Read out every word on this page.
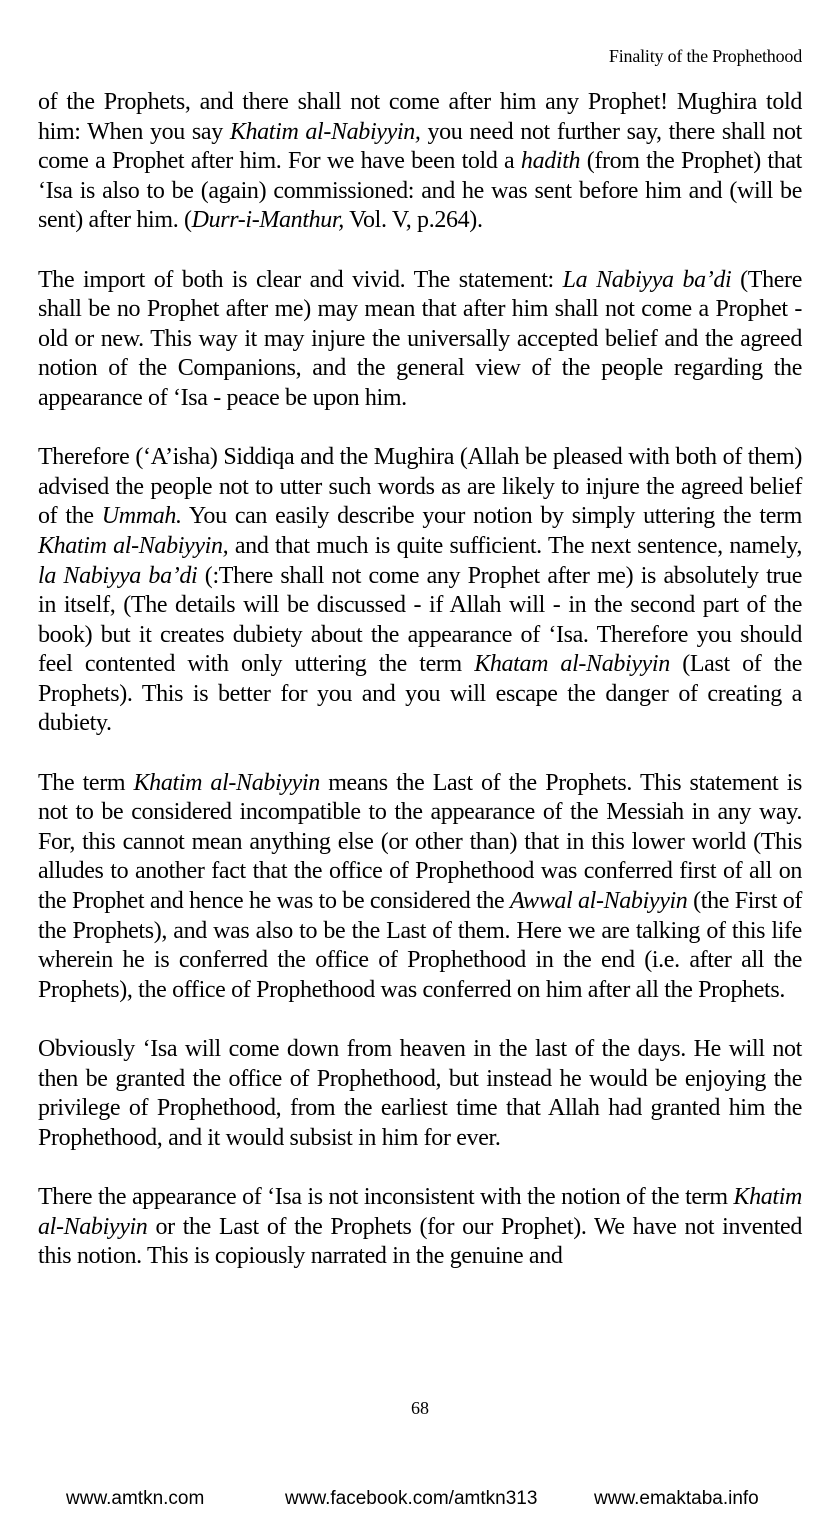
Finality of the Prophethood

of the Prophets, and there shall not come after him any Prophet! Mughira told him: When you say Khatim al-Nabiyyin, you need not further say, there shall not come a Prophet after him. For we have been told a hadith (from the Prophet) that ‘Isa is also to be (again) commissioned: and he was sent before him and (will be sent) after him. (Durr-i-Manthur, Vol. V, p.264).

The import of both is clear and vivid. The statement: La Nabiyya ba’di (There shall be no Prophet after me) may mean that after him shall not come a Prophet - old or new. This way it may injure the universally accepted belief and the agreed notion of the Companions, and the general view of the people regarding the appearance of ‘Isa - peace be upon him.

Therefore (‘A’isha) Siddiqa and the Mughira (Allah be pleased with both of them) advised the people not to utter such words as are likely to injure the agreed belief of the Ummah. You can easily describe your notion by simply uttering the term Khatim al-Nabiyyin, and that much is quite sufficient. The next sentence, namely, la Nabiyya ba’di (:There shall not come any Prophet after me) is absolutely true in itself, (The details will be discussed - if Allah will - in the second part of the book) but it creates dubiety about the appearance of ‘Isa. Therefore you should feel contented with only uttering the term Khatam al-Nabiyyin (Last of the Prophets). This is better for you and you will escape the danger of creating a dubiety.

The term Khatim al-Nabiyyin means the Last of the Prophets. This statement is not to be considered incompatible to the appearance of the Messiah in any way. For, this cannot mean anything else (or other than) that in this lower world (This alludes to another fact that the office of Prophethood was conferred first of all on the Prophet and hence he was to be considered the Awwal al-Nabiyyin (the First of the Prophets), and was also to be the Last of them. Here we are talking of this life wherein he is conferred the office of Prophethood in the end (i.e. after all the Prophets), the office of Prophethood was conferred on him after all the Prophets.

Obviously ‘Isa will come down from heaven in the last of the days. He will not then be granted the office of Prophethood, but instead he would be enjoying the privilege of Prophethood, from the earliest time that Allah had granted him the Prophethood, and it would subsist in him for ever.

There the appearance of ‘Isa is not inconsistent with the notion of the term Khatim al-Nabiyyin or the Last of the Prophets (for our Prophet). We have not invented this notion. This is copiously narrated in the genuine and

68
www.amtkn.com	www.facebook.com/amtkn313	www.emaktaba.info
